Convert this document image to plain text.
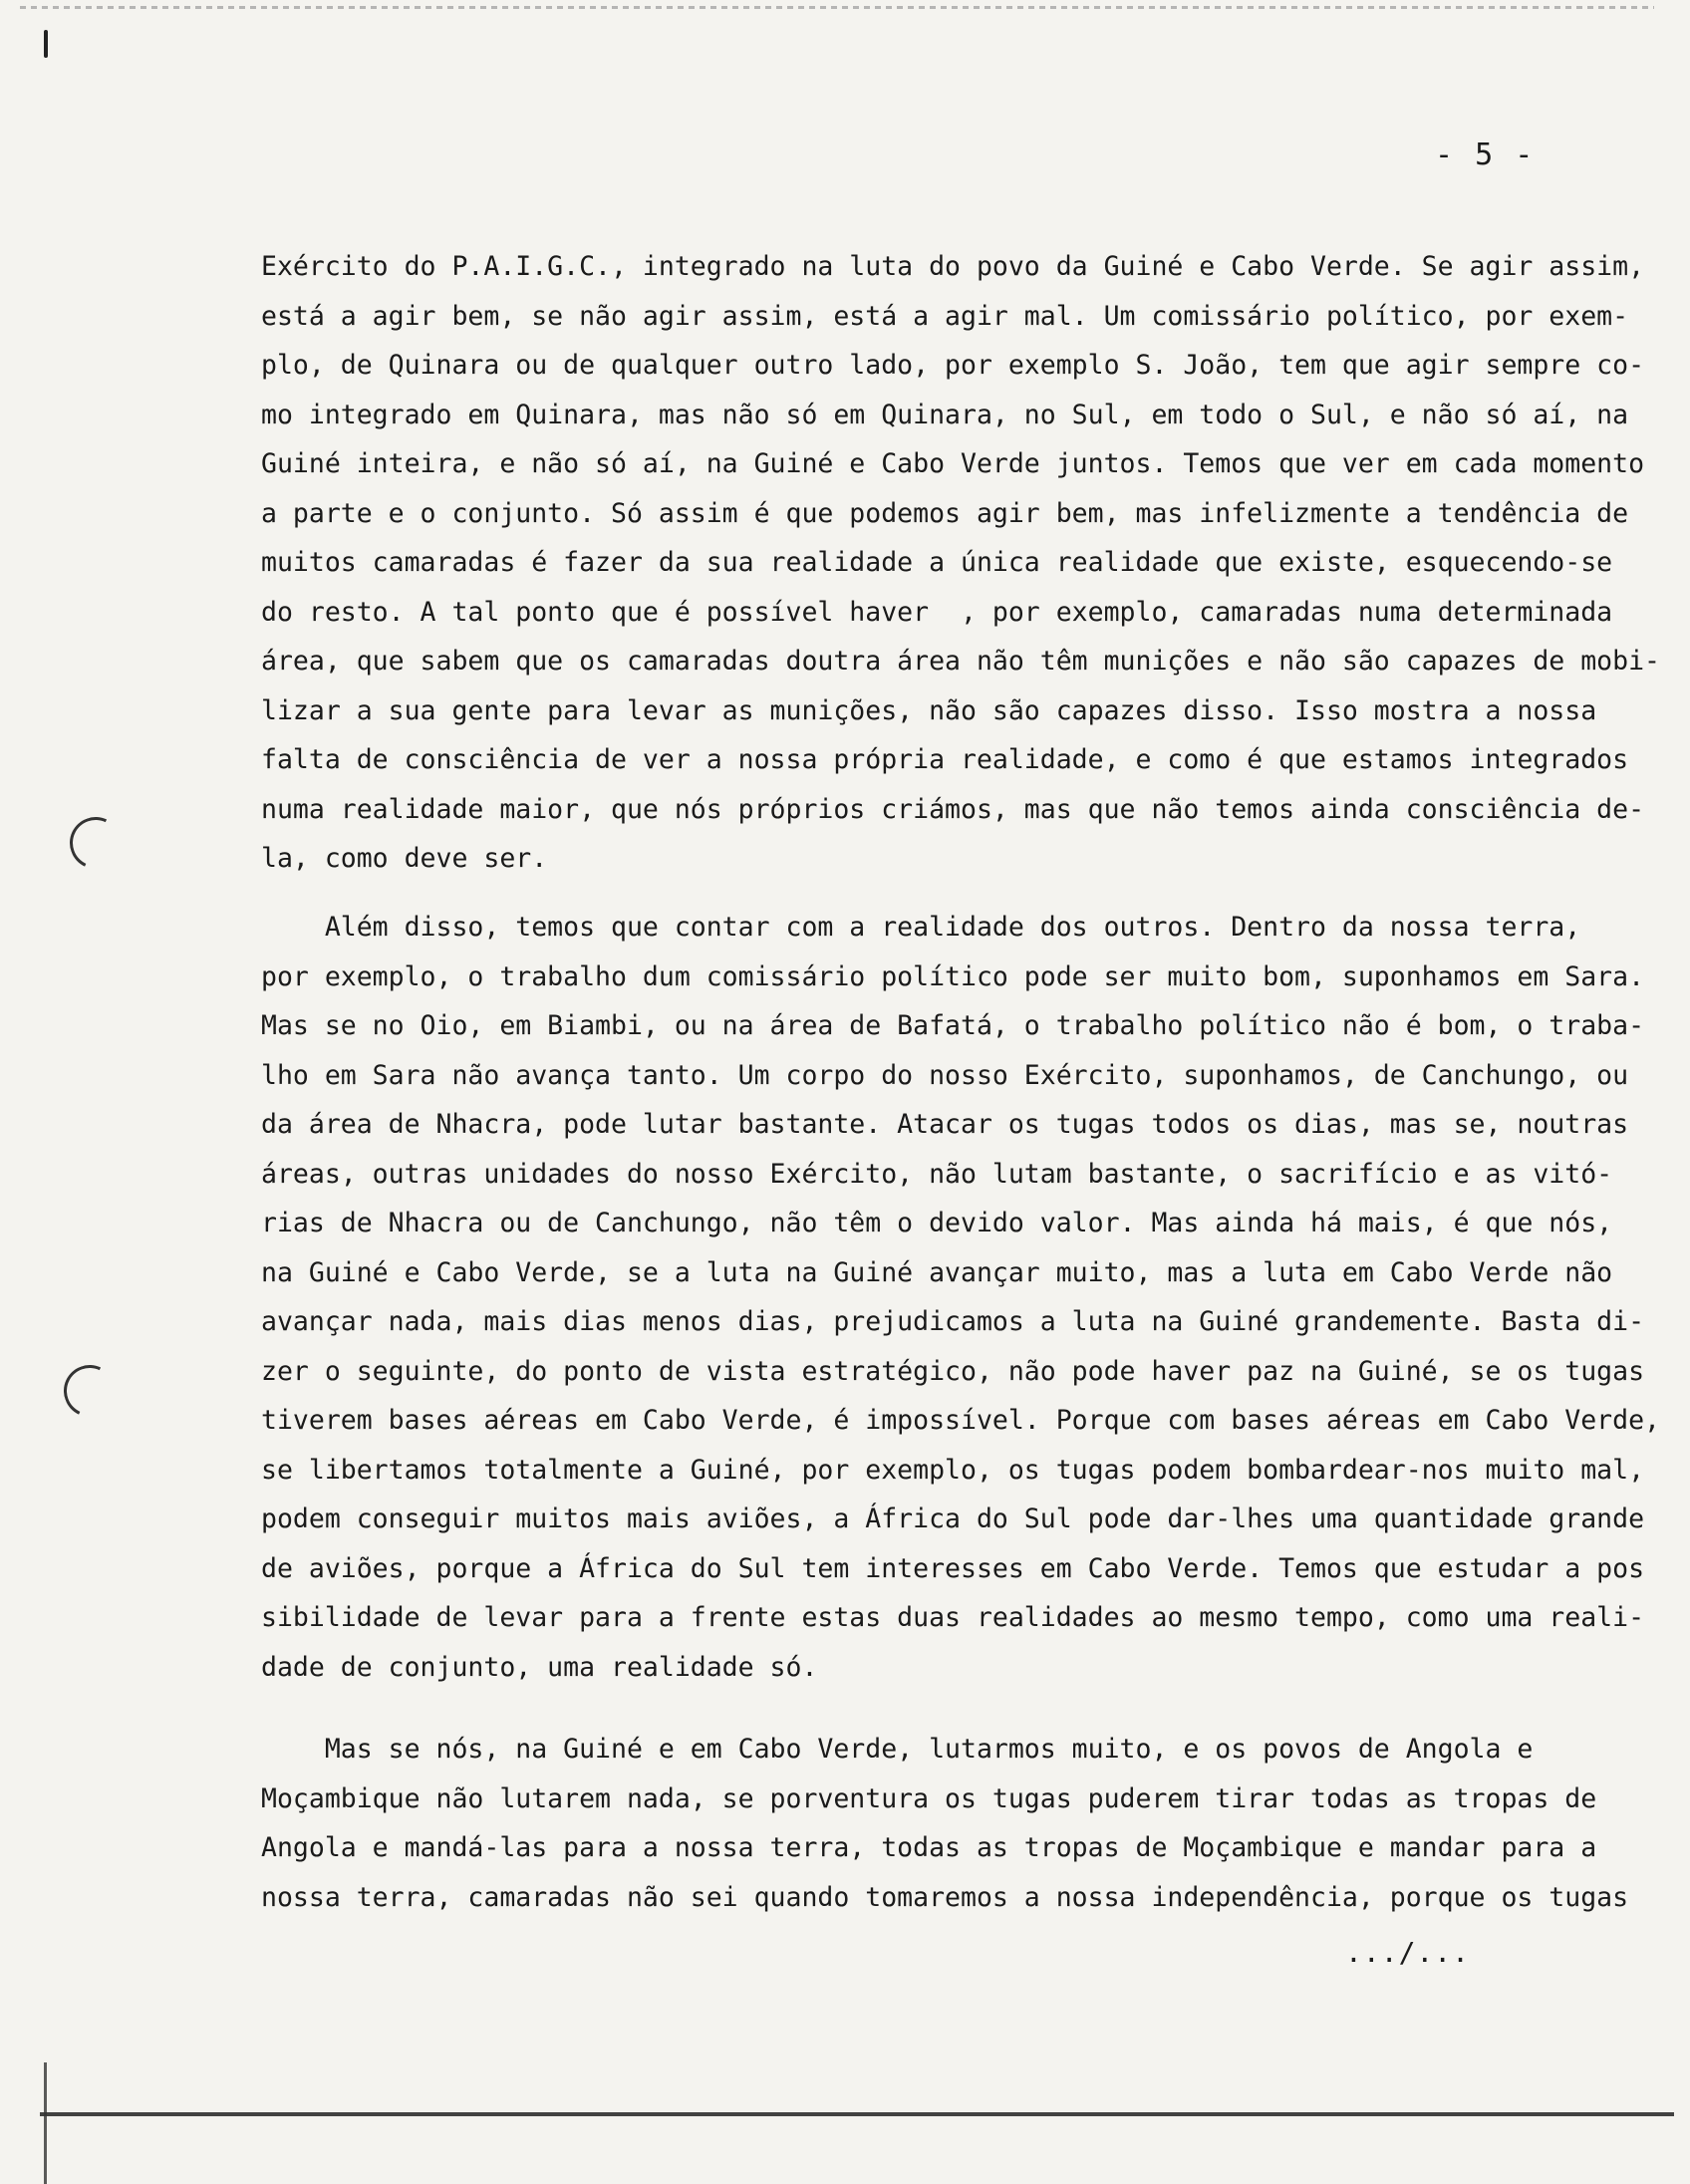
- 5 -
Exército do P.A.I.G.C., integrado na luta do povo da Guiné e Cabo Verde. Se agir assim,
está a agir bem, se não agir assim, está a agir mal. Um comissário político, por exem-
plo, de Quinara ou de qualquer outro lado, por exemplo S. João, tem que agir sempre co-
mo integrado em Quinara, mas não só em Quinara, no Sul, em todo o Sul, e não só aí, na
Guiné inteira, e não só aí, na Guiné e Cabo Verde juntos. Temos que ver em cada momento
a parte e o conjunto. Só assim é que podemos agir bem, mas infelizmente a tendência de
muitos camaradas é fazer da sua realidade a única realidade que existe, esquecendo-se
do resto. A tal ponto que é possível haver  , por exemplo, camaradas numa determinada
área, que sabem que os camaradas doutra área não têm munições e não são capazes de mobi-
lizar a sua gente para levar as munições, não são capazes disso. Isso mostra a nossa
falta de consciência de ver a nossa própria realidade, e como é que estamos integrados
numa realidade maior, que nós próprios criámos, mas que não temos ainda consciência de-
la, como deve ser.
Além disso, temos que contar com a realidade dos outros. Dentro da nossa terra,
por exemplo, o trabalho dum comissário político pode ser muito bom, suponhamos em Sara.
Mas se no Oio, em Biambi, ou na área de Bafatá, o trabalho político não é bom, o traba-
lho em Sara não avança tanto. Um corpo do nosso Exército, suponhamos, de Canchungo, ou
da área de Nhacra, pode lutar bastante. Atacar os tugas todos os dias, mas se, noutras
áreas, outras unidades do nosso Exército, não lutam bastante, o sacrifício e as vitó-
rias de Nhacra ou de Canchungo, não têm o devido valor. Mas ainda há mais, é que nós,
na Guiné e Cabo Verde, se a luta na Guiné avançar muito, mas a luta em Cabo Verde não
avançar nada, mais dias menos dias, prejudicamos a luta na Guiné grandemente. Basta di-
zer o seguinte, do ponto de vista estratégico, não pode haver paz na Guiné, se os tugas
tiverem bases aéreas em Cabo Verde, é impossível. Porque com bases aéreas em Cabo Verde,
se libertamos totalmente a Guiné, por exemplo, os tugas podem bombardear-nos muito mal,
podem conseguir muitos mais aviões, a África do Sul pode dar-lhes uma quantidade grande
de aviões, porque a África do Sul tem interesses em Cabo Verde. Temos que estudar a pos
sibilidade de levar para a frente estas duas realidades ao mesmo tempo, como uma reali-
dade de conjunto, uma realidade só.
Mas se nós, na Guiné e em Cabo Verde, lutarmos muito, e os povos de Angola e
Moçambique não lutarem nada, se porventura os tugas puderem tirar todas as tropas de
Angola e mandá-las para a nossa terra, todas as tropas de Moçambique e mandar para a
nossa terra, camaradas não sei quando tomaremos a nossa independência, porque os tugas
.../...
